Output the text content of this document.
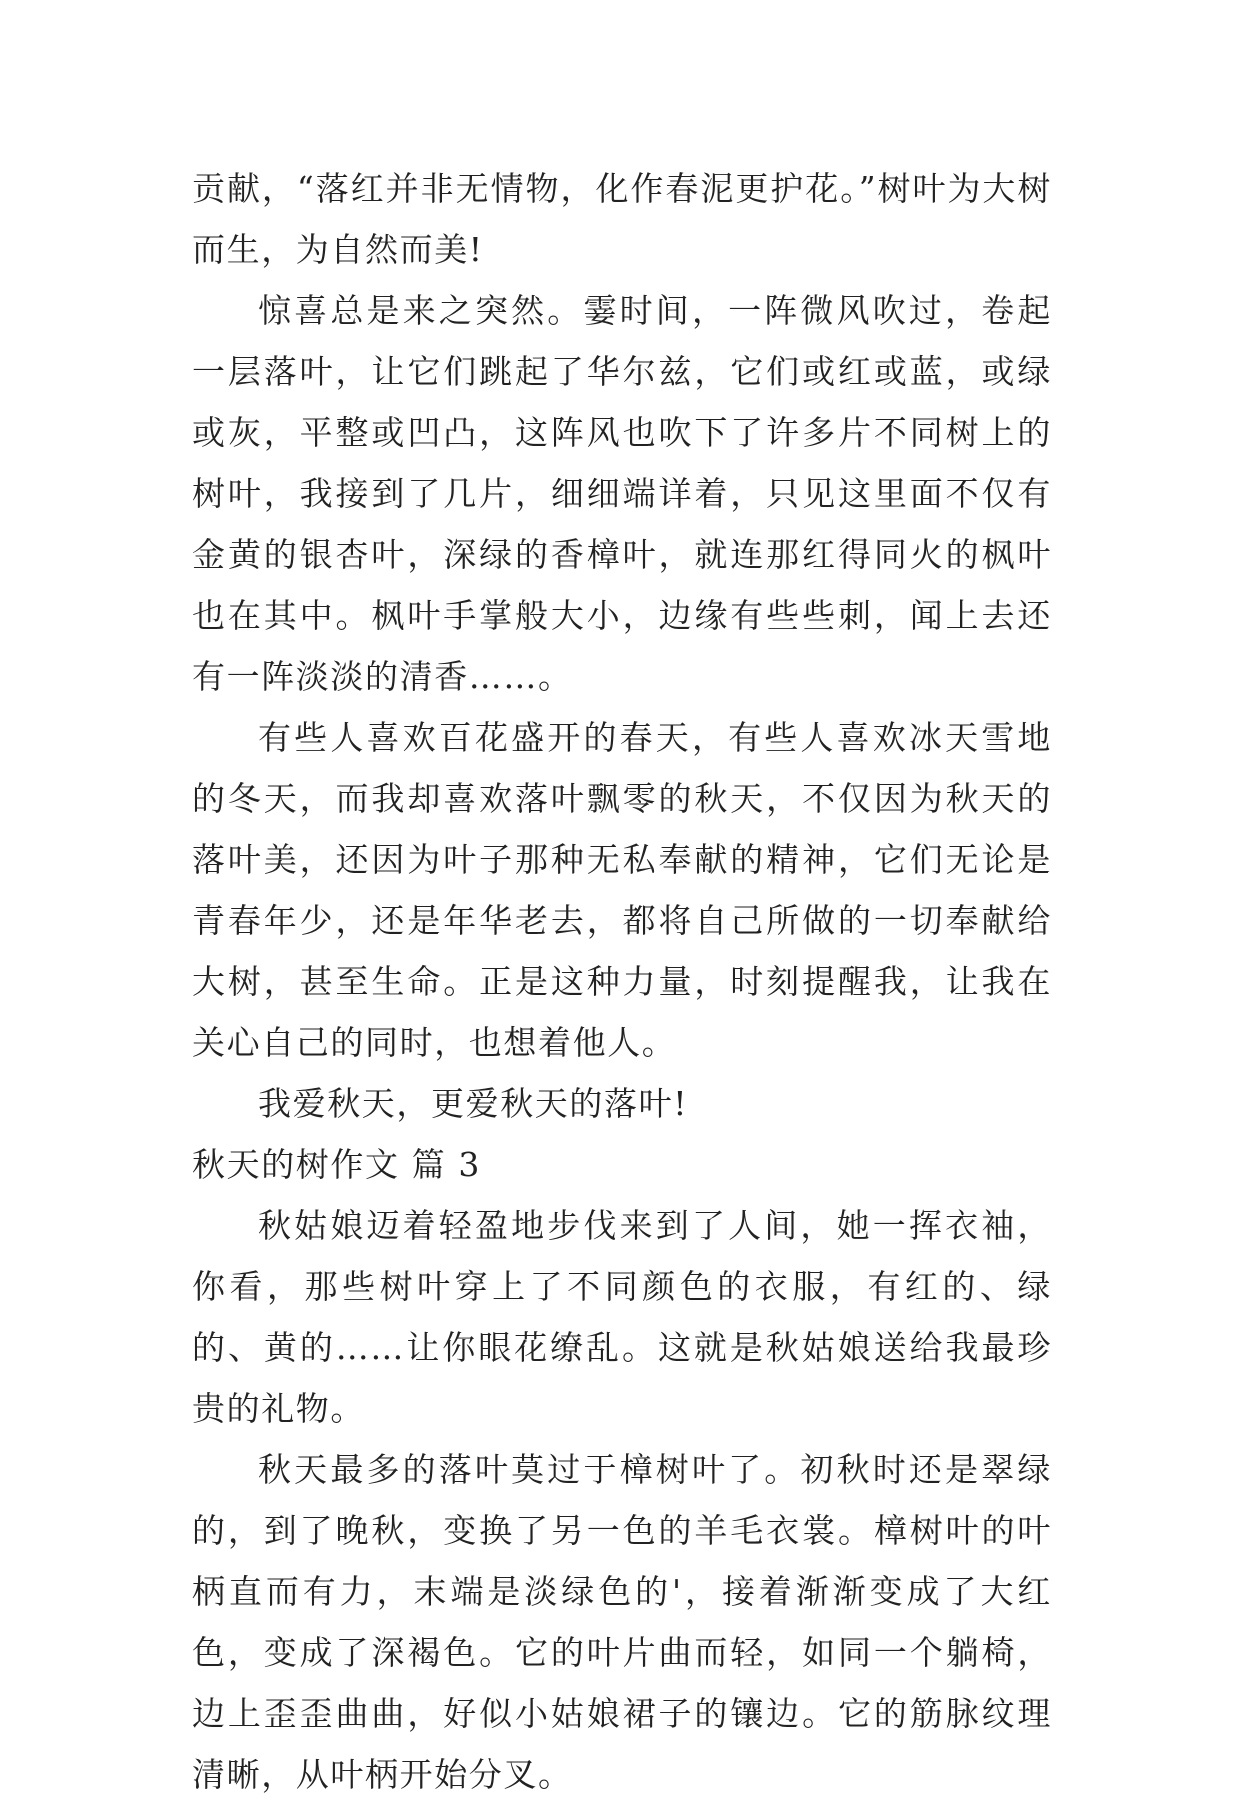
贡献，“落红并非无情物，化作春泥更护花。”树叶为大树而生，为自然而美!

惊喜总是来之突然。霎时间，一阵微风吹过，卷起一层落叶，让它们跳起了华尔兹，它们或红或蓝，或绿或灰，平整或凹凸，这阵风也吹下了许多片不同树上的树叶，我接到了几片，细细端详着，只见这里面不仅有金黄的银杏叶，深绿的香樟叶，就连那红得同火的枫叶也在其中。枫叶手掌般大小，边缘有些些刺，闻上去还有一阵淡淡的清香……。

有些人喜欢百花盛开的春天，有些人喜欢冰天雪地的冬天，而我却喜欢落叶飘零的秋天，不仅因为秋天的落叶美，还因为叶子那种无私奉献的精神，它们无论是青春年少，还是年华老去，都将自己所做的一切奉献给大树，甚至生命。正是这种力量，时刻提醒我，让我在关心自己的同时，也想着他人。

我爱秋天，更爱秋天的落叶!

秋天的树作文 篇 3

秋姑娘迈着轻盈地步伐来到了人间，她一挥衣袖，你看，那些树叶穿上了不同颜色的衣服，有红的、绿的、黄的……让你眼花缭乱。这就是秋姑娘送给我最珍贵的礼物。

秋天最多的落叶莫过于樟树叶了。初秋时还是翠绿的，到了晚秋，变换了另一色的羊毛衣裳。樟树叶的叶柄直而有力，末端是淡绿色的'，接着渐渐变成了大红色，变成了深褐色。它的叶片曲而轻，如同一个躺椅，边上歪歪曲曲，好似小姑娘裙子的镶边。它的筋脉纹理清晰，从叶柄开始分叉。
